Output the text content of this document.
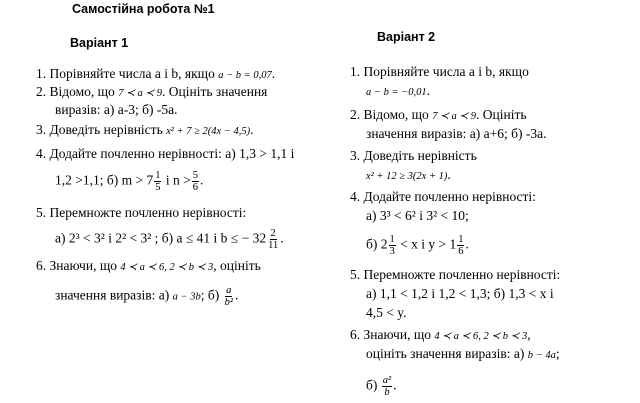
Самостійна робота №1
Варіант 1	Варіант 2
1. Порівняйте числа a і b, якщо a − b = 0,07.
2. Відомо, що 7 ≺ a ≺ 9. Оцініть значення
виразів: а) а-3; б) -5а.
3. Доведіть нерівність x² + 7 ≥ 2(4x − 4,5).
4. Додайте почленно нерівності: а) 1,3 > 1,1 і
1,2 >1,1; б) $m > 7 \frac{1}{5}$ і $n > \frac{5}{6}$ .
5. Перемножте почленно нерівності:
а) 2³ < 3² і 2² < 3² ; б) a ≤ 41 і b ≤ − $32 \frac{2}{11}$ .
6. Знаючи, що 4 ≺ a ≺ 6, 2 ≺ b ≺ 3, оцініть
значення виразів: а) a − 3b; $б) \frac{a}{\text{b²}}$ .
1. Порівняйте числа a і b, якщо
a − b = −0,01.
2. Відомо, що 7 ≺ a ≺ 9. Оцініть
значення виразів: а) а+6; б) -3а.
3. Доведіть нерівність
x² + 12 ≥ 3(2x + 1).
4. Додайте почленно нерівності:
а) 3³ < 6² і 3² < 10;
б) $2 \frac{1}{3} < x$ і $y > 1 \frac{1}{6}$ .
5. Перемножте почленно нерівності:
а) 1,1 < 1,2 і 1,2 < 1,3; б) 1,3 < x і
4,5 < y.
6. Знаючи, що 4 ≺ a ≺ 6, 2 ≺ b ≺ 3,
оцініть значення виразів: а) b − 4a;
$б) \frac{\text{a²}}{b}$ .
